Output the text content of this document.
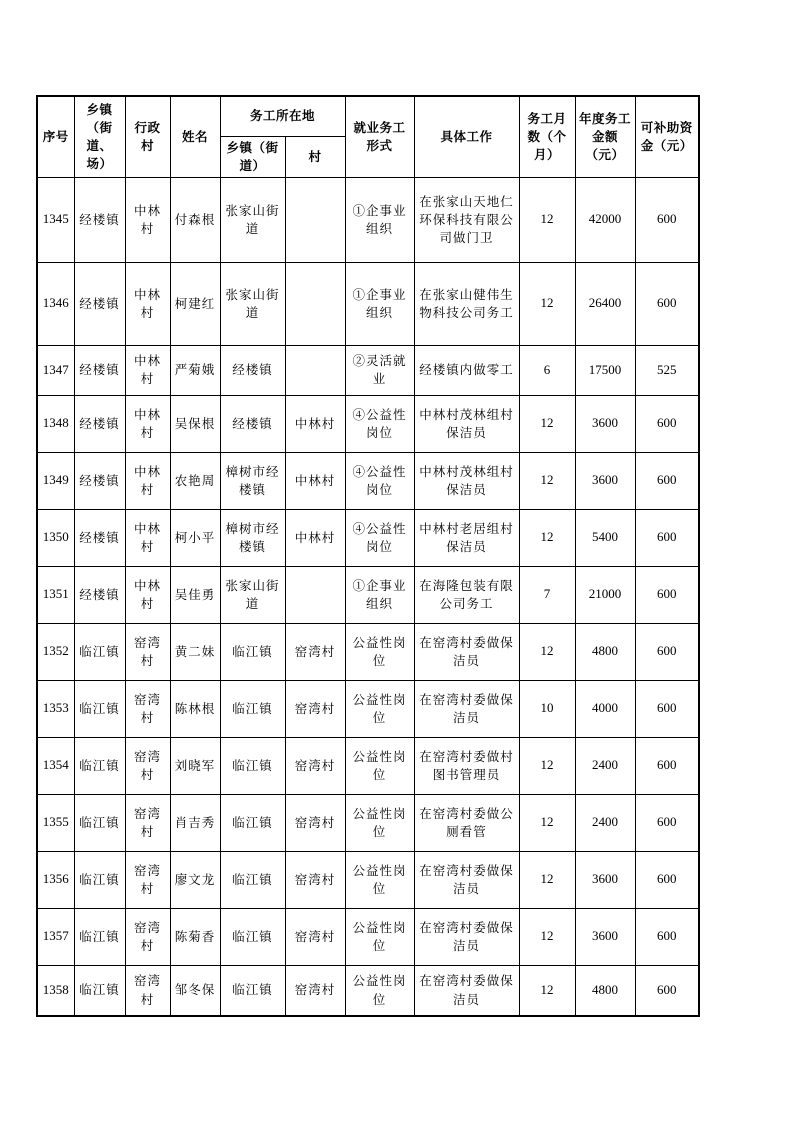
序号	乡镇（街道、场）	行政村	姓名	务工所在地		就业务工形式	具体工作	务工月数（个月）	年度务工金额（元）	可补助资金（元）
				乡镇（街道）	村					
1345	经楼镇	中林村	付森根	张家山街道		①企事业组织	在张家山天地仁环保科技有限公司做门卫	12	42000	600
1346	经楼镇	中林村	柯建红	张家山街道		①企事业组织	在张家山健伟生物科技公司务工	12	26400	600
1347	经楼镇	中林村	严菊娥	经楼镇		②灵活就业	经楼镇内做零工	6	17500	525
1348	经楼镇	中林村	吴保根	经楼镇	中林村	④公益性岗位	中林村茂林组村保洁员	12	3600	600
1349	经楼镇	中林村	农艳周	樟树市经楼镇	中林村	④公益性岗位	中林村茂林组村保洁员	12	3600	600
1350	经楼镇	中林村	柯小平	樟树市经楼镇	中林村	④公益性岗位	中林村老居组村保洁员	12	5400	600
1351	经楼镇	中林村	吴佳勇	张家山街道		①企事业组织	在海隆包装有限公司务工	7	21000	600
1352	临江镇	窑湾村	黄二妹	临江镇	窑湾村	公益性岗位	在窑湾村委做保洁员	12	4800	600
1353	临江镇	窑湾村	陈林根	临江镇	窑湾村	公益性岗位	在窑湾村委做保洁员	10	4000	600
1354	临江镇	窑湾村	刘晓军	临江镇	窑湾村	公益性岗位	在窑湾村委做村图书管理员	12	2400	600
1355	临江镇	窑湾村	肖吉秀	临江镇	窑湾村	公益性岗位	在窑湾村委做公厕看管	12	2400	600
1356	临江镇	窑湾村	廖文龙	临江镇	窑湾村	公益性岗位	在窑湾村委做保洁员	12	3600	600
1357	临江镇	窑湾村	陈菊香	临江镇	窑湾村	公益性岗位	在窑湾村委做保洁员	12	3600	600
1358	临江镇	窑湾村	邹冬保	临江镇	窑湾村	公益性岗位	在窑湾村委做保洁员	12	4800	600
